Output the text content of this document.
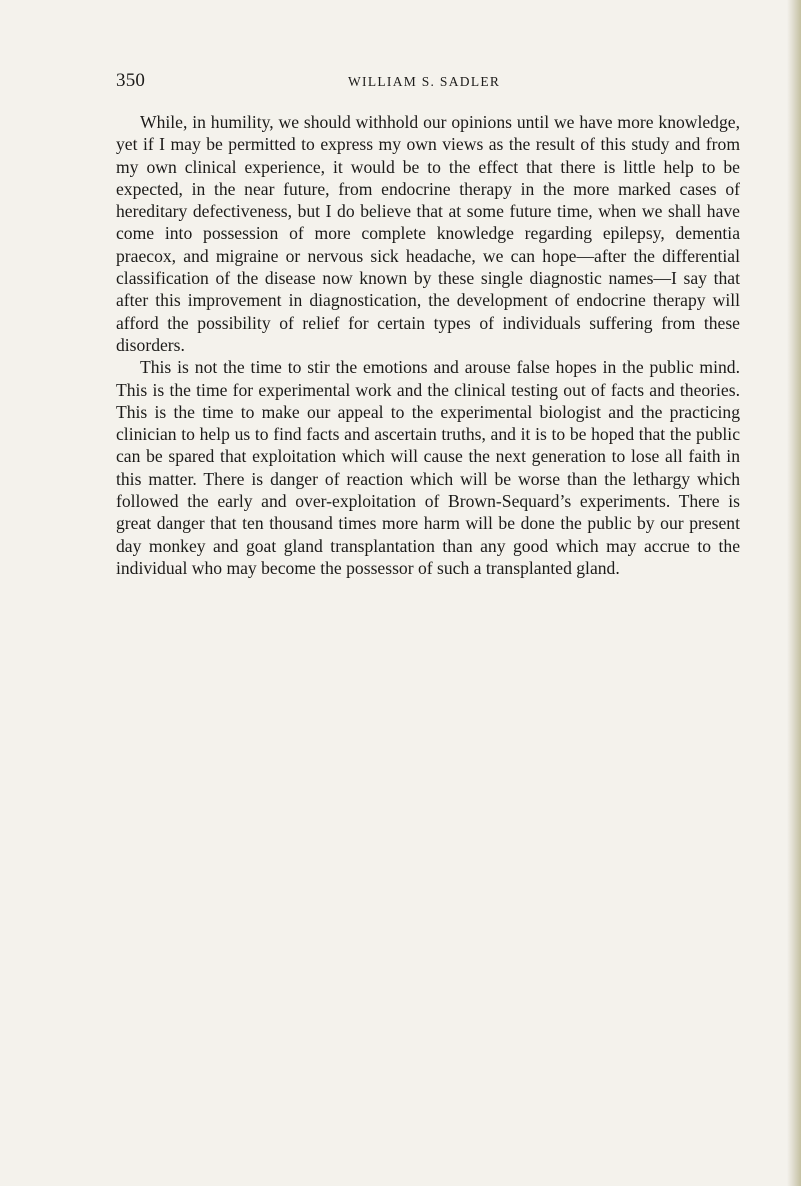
350	WILLIAM S. SADLER

While, in humility, we should withhold our opinions until we have more knowledge, yet if I may be permitted to express my own views as the result of this study and from my own clinical experience, it would be to the effect that there is little help to be expected, in the near future, from endocrine therapy in the more marked cases of hereditary defectiveness, but I do believe that at some future time, when we shall have come into possession of more complete knowledge regarding epilepsy, dementia praecox, and migraine or nervous sick headache, we can hope—after the differential classification of the disease now known by these single diagnostic names—I say that after this improvement in diagnostication, the development of endocrine therapy will afford the possibility of relief for certain types of individuals suffering from these disorders.

This is not the time to stir the emotions and arouse false hopes in the public mind. This is the time for experimental work and the clinical testing out of facts and theories. This is the time to make our appeal to the experimental biologist and the practicing clinician to help us to find facts and ascertain truths, and it is to be hoped that the public can be spared that exploitation which will cause the next generation to lose all faith in this matter. There is danger of reaction which will be worse than the lethargy which followed the early and over-exploitation of Brown-Sequard’s experiments. There is great danger that ten thousand times more harm will be done the public by our present day monkey and goat gland transplantation than any good which may accrue to the individual who may become the possessor of such a transplanted gland.
